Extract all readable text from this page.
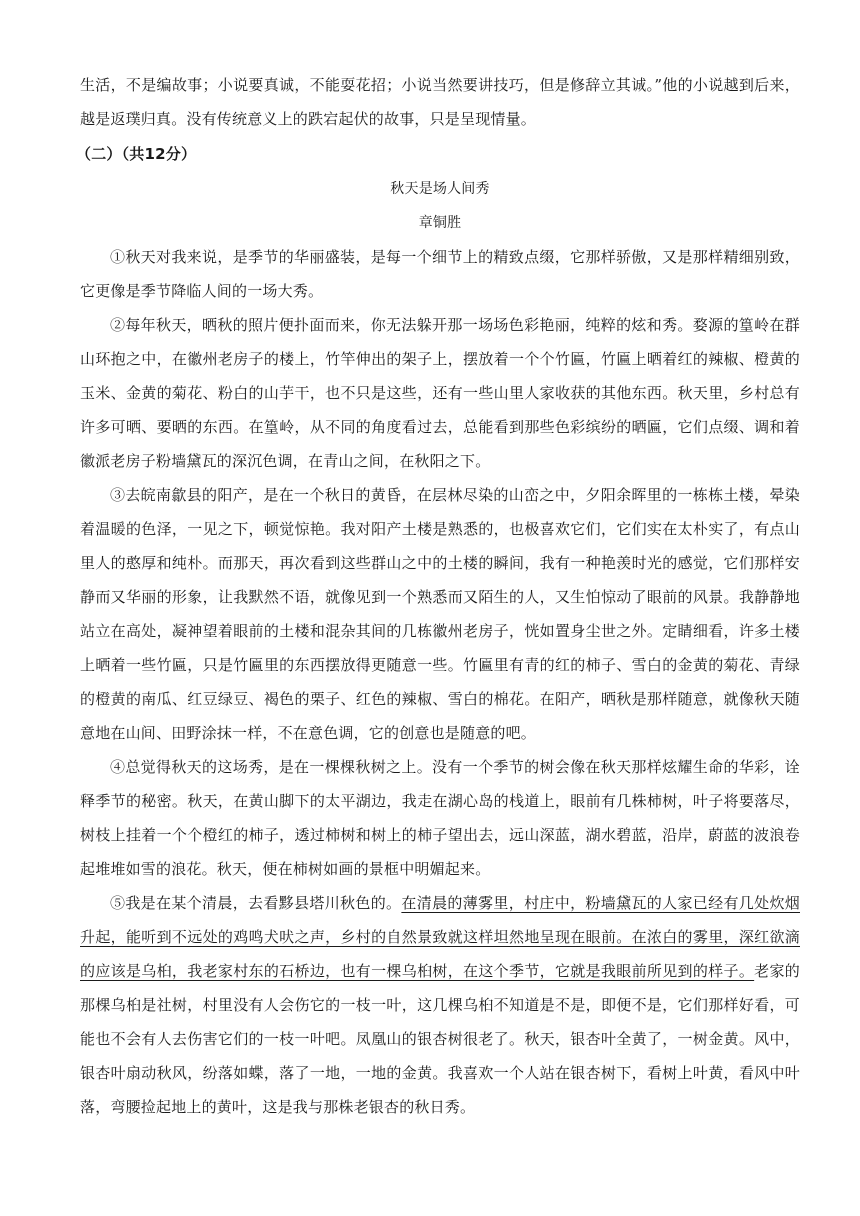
生活，不是编故事；小说要真诚，不能耍花招；小说当然要讲技巧，但是修辞立其诚。”他的小说越到后来，越是返璞归真。没有传统意义上的跌宕起伏的故事，只是呈现情量。

（二）（共12分）

秋天是场人间秀

章铜胜

①秋天对我来说，是季节的华丽盛装，是每一个细节上的精致点缀，它那样骄傲，又是那样精细别致，它更像是季节降临人间的一场大秀。

②每年秋天，晒秋的照片便扑面而来，你无法躲开那一场场色彩艳丽，纯粹的炫和秀。婺源的篁岭在群山环抱之中，在徽州老房子的楼上，竹竿伸出的架子上，摆放着一个个竹匾，竹匾上晒着红的辣椒、橙黄的玉米、金黄的菊花、粉白的山芋干，也不只是这些，还有一些山里人家收获的其他东西。秋天里，乡村总有许多可晒、要晒的东西。在篁岭，从不同的角度看过去，总能看到那些色彩缤纷的晒匾，它们点缀、调和着徽派老房子粉墙黛瓦的深沉色调，在青山之间，在秋阳之下。

③去皖南歙县的阳产，是在一个秋日的黄昏，在层林尽染的山峦之中，夕阳余晖里的一栋栋土楼，晕染着温暖的色泽，一见之下，顿觉惊艳。我对阳产土楼是熟悉的，也极喜欢它们，它们实在太朴实了，有点山里人的憨厚和纯朴。而那天，再次看到这些群山之中的土楼的瞬间，我有一种艳羡时光的感觉，它们那样安静而又华丽的形象，让我默然不语，就像见到一个熟悉而又陌生的人，又生怕惊动了眼前的风景。我静静地站立在高处，凝神望着眼前的土楼和混杂其间的几栋徽州老房子，恍如置身尘世之外。定睛细看，许多土楼上晒着一些竹匾，只是竹匾里的东西摆放得更随意一些。竹匾里有青的红的柿子、雪白的金黄的菊花、青绿的橙黄的南瓜、红豆绿豆、褐色的栗子、红色的辣椒、雪白的棉花。在阳产，晒秋是那样随意，就像秋天随意地在山间、田野涂抹一样，不在意色调，它的创意也是随意的吧。

④总觉得秋天的这场秀，是在一棵棵秋树之上。没有一个季节的树会像在秋天那样炫耀生命的华彩，诠释季节的秘密。秋天，在黄山脚下的太平湖边，我走在湖心岛的栈道上，眼前有几株柿树，叶子将要落尽，树枝上挂着一个个橙红的柿子，透过柿树和树上的柿子望出去，远山深蓝，湖水碧蓝，沿岸，蔚蓝的波浪卷起堆堆如雪的浪花。秋天，便在柿树如画的景框中明媚起来。

⑤我是在某个清晨，去看黟县塔川秋色的。在清晨的薄雾里，村庄中，粉墙黛瓦的人家已经有几处炊烟升起，能听到不远处的鸡鸣犬吠之声，乡村的自然景致就这样坦然地呈现在眼前。在浓白的雾里，深红欲滴的应该是乌桕，我老家村东的石桥边，也有一棵乌桕树，在这个季节，它就是我眼前所见到的样子。老家的那棵乌桕是社树，村里没有人会伤它的一枝一叶，这几棵乌桕不知道是不是，即便不是，它们那样好看，可能也不会有人去伤害它们的一枝一叶吧。凤凰山的银杏树很老了。秋天，银杏叶全黄了，一树金黄。风中，银杏叶扇动秋风，纷落如蝶，落了一地，一地的金黄。我喜欢一个人站在银杏树下，看树上叶黄，看风中叶落，弯腰捡起地上的黄叶，这是我与那株老银杏的秋日秀。
